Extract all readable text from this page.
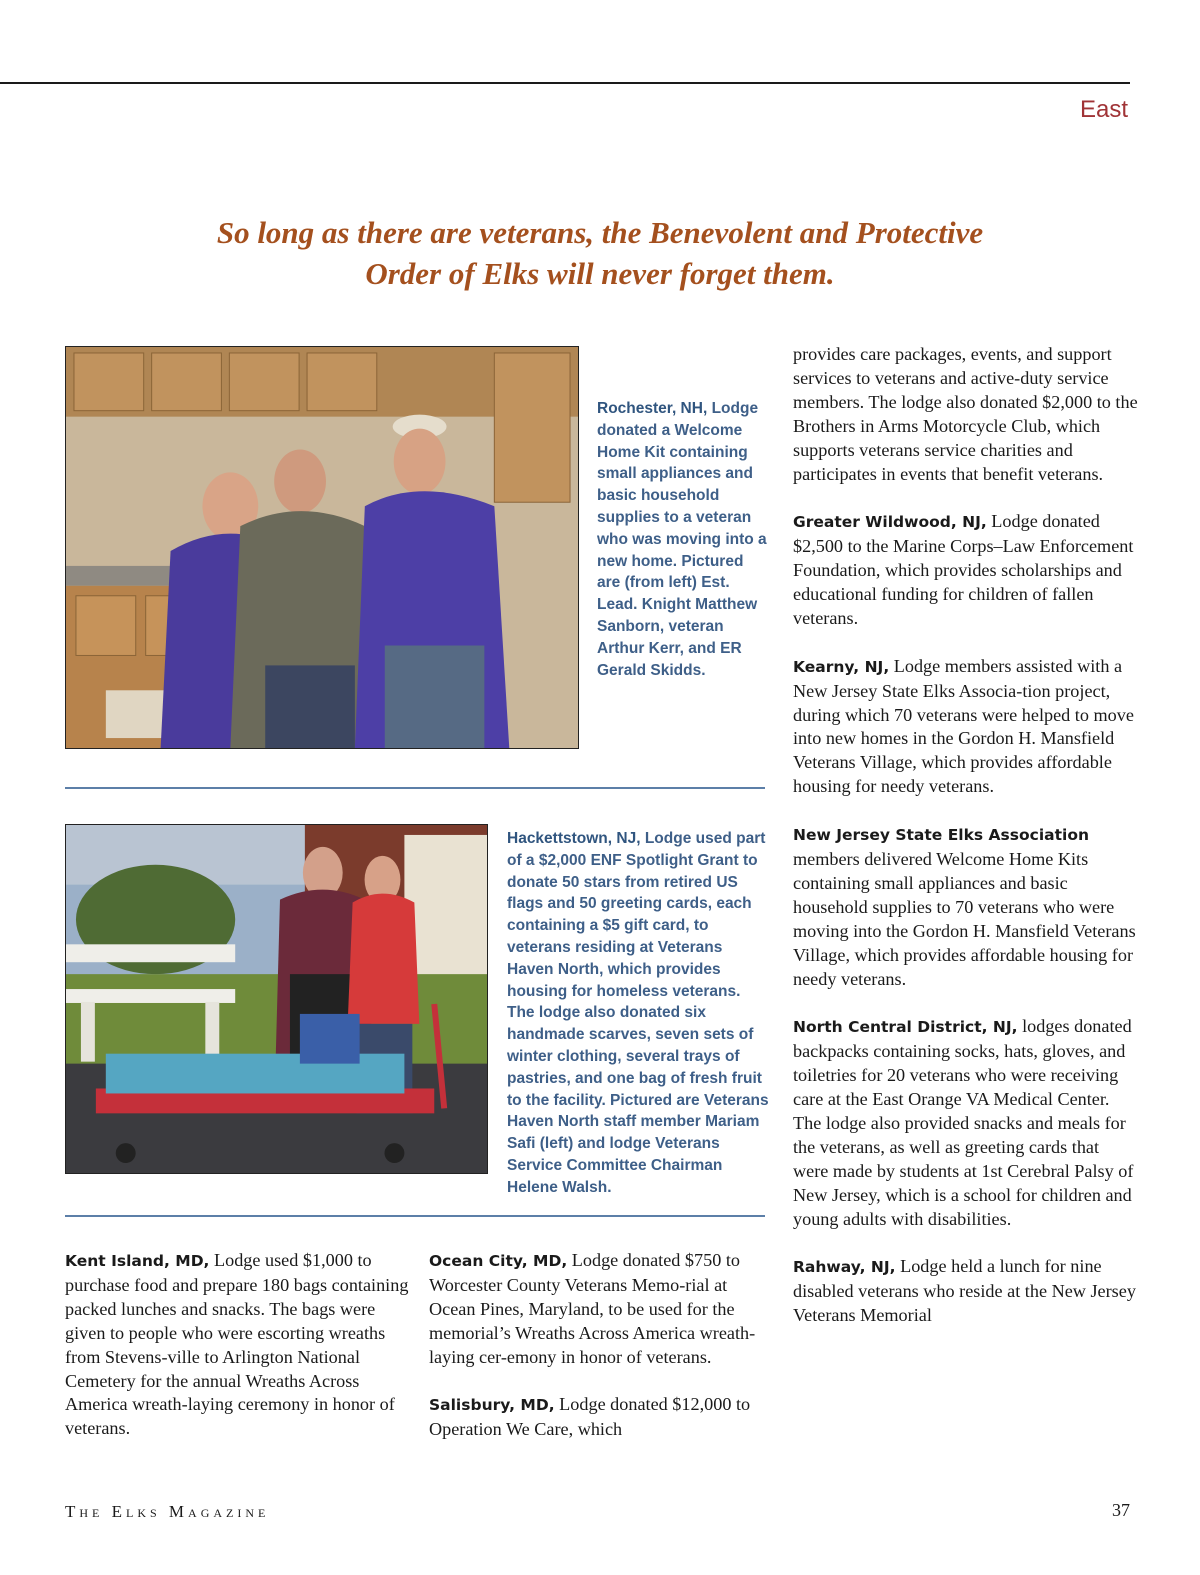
East
So long as there are veterans, the Benevolent and Protective Order of Elks will never forget them.
Rochester, NH, Lodge donated a Welcome Home Kit containing small appliances and basic household supplies to a veteran who was moving into a new home. Pictured are (from left) Est. Lead. Knight Matthew Sanborn, veteran Arthur Kerr, and ER Gerald Skidds.
Hackettstown, NJ, Lodge used part of a $2,000 ENF Spotlight Grant to donate 50 stars from retired US flags and 50 greeting cards, each containing a $5 gift card, to veterans residing at Veterans Haven North, which provides housing for homeless veterans. The lodge also donated six handmade scarves, seven sets of winter clothing, several trays of pastries, and one bag of fresh fruit to the facility. Pictured are Veterans Haven North staff member Mariam Safi (left) and lodge Veterans Service Committee Chairman Helene Walsh.

Kent Island, MD, Lodge used $1,000 to purchase food and prepare 180 bags containing packed lunches and snacks. The bags were given to people who were escorting wreaths from Stevens-ville to Arlington National Cemetery for the annual Wreaths Across America wreath-laying ceremony in honor of veterans.

Ocean City, MD, Lodge donated $750 to Worcester County Veterans Memo-rial at Ocean Pines, Maryland, to be used for the memorial’s Wreaths Across America wreath-laying cer-emony in honor of veterans.

Salisbury, MD, Lodge donated $12,000 to Operation We Care, which

provides care packages, events, and support services to veterans and active-duty service members. The lodge also donated $2,000 to the Brothers in Arms Motorcycle Club, which supports veterans service charities and participates in events that benefit veterans.

Greater Wildwood, NJ, Lodge donated $2,500 to the Marine Corps–Law Enforcement Foundation, which provides scholarships and educational funding for children of fallen veterans.

Kearny, NJ, Lodge members assisted with a New Jersey State Elks Associa-tion project, during which 70 veterans were helped to move into new homes in the Gordon H. Mansfield Veterans Village, which provides affordable housing for needy veterans.

New Jersey State Elks Association members delivered Welcome Home Kits containing small appliances and basic household supplies to 70 veterans who were moving into the Gordon H. Mansfield Veterans Village, which provides affordable housing for needy veterans.

North Central District, NJ, lodges donated backpacks containing socks, hats, gloves, and toiletries for 20 veterans who were receiving care at the East Orange VA Medical Center. The lodge also provided snacks and meals for the veterans, as well as greeting cards that were made by students at 1st Cerebral Palsy of New Jersey, which is a school for children and young adults with disabilities.

Rahway, NJ, Lodge held a lunch for nine disabled veterans who reside at the New Jersey Veterans Memorial

The Elks Magazine	37
